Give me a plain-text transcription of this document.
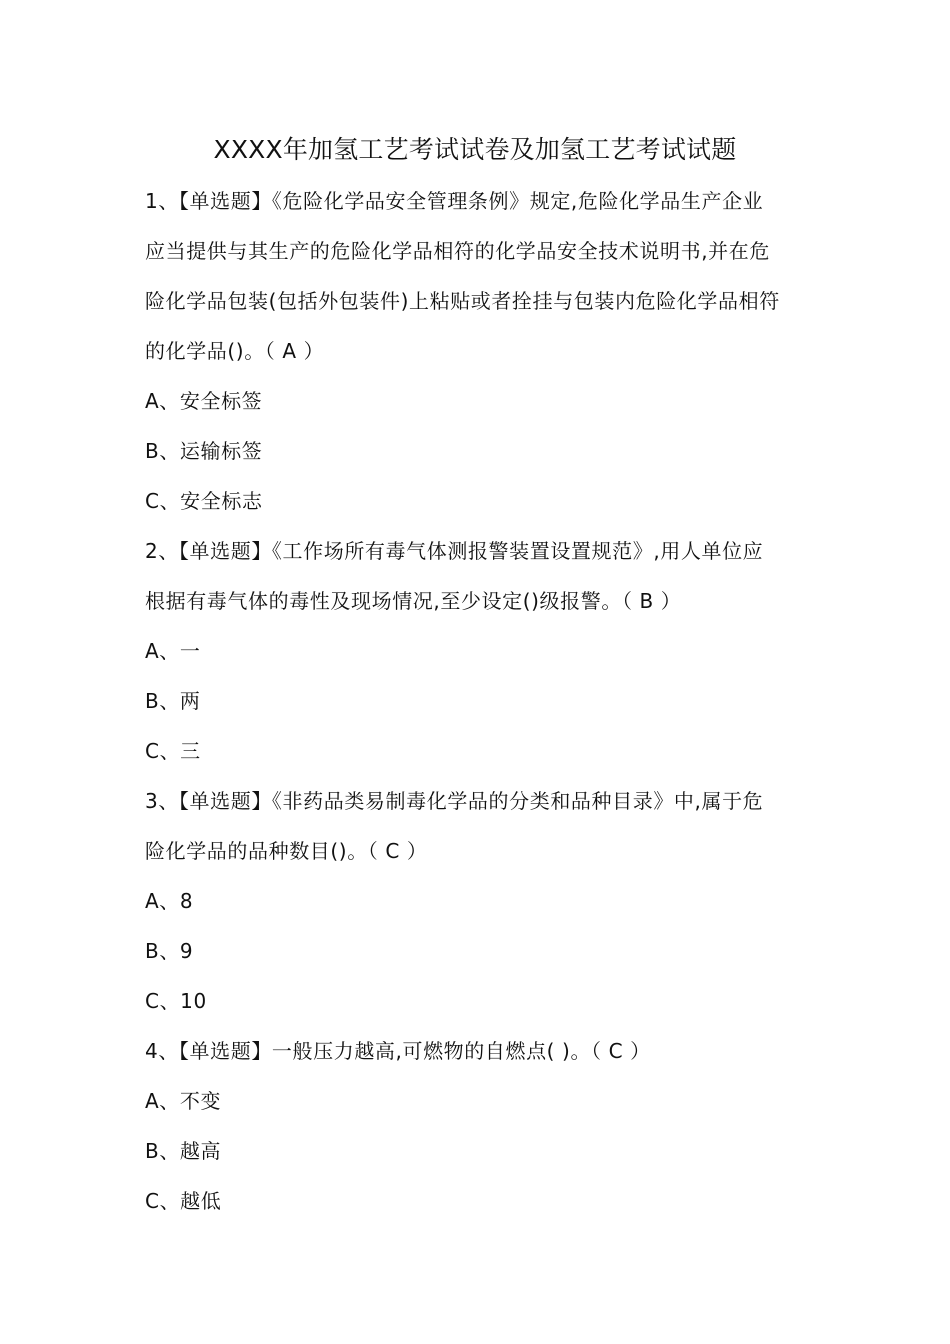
XXXX年加氢工艺考试试卷及加氢工艺考试试题
1、【单选题】《危险化学品安全管理条例》规定,危险化学品生产企业
应当提供与其生产的危险化学品相符的化学品安全技术说明书,并在危
险化学品包装(包括外包装件)上粘贴或者拴挂与包装内危险化学品相符
的化学品()。（ A ）
A、安全标签
B、运输标签
C、安全标志
2、【单选题】《工作场所有毒气体测报警装置设置规范》,用人单位应
根据有毒气体的毒性及现场情况,至少设定()级报警。（ B ）
A、一
B、两
C、三
3、【单选题】《非药品类易制毒化学品的分类和品种目录》中,属于危
险化学品的品种数目()。（ C ）
A、8
B、9
C、10
4、【单选题】一般压力越高,可燃物的自燃点( )。（ C ）
A、不变
B、越高
C、越低
